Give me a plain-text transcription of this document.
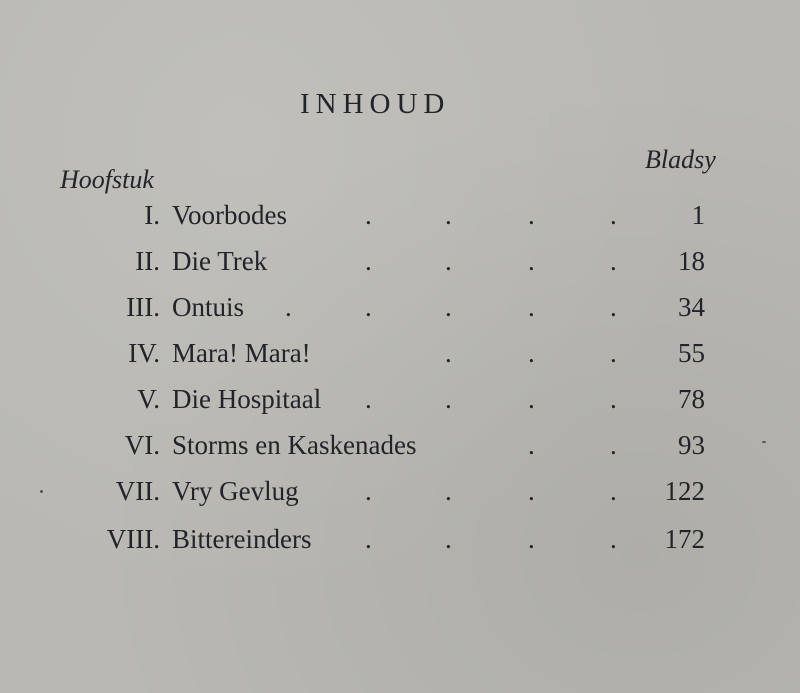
INHOUD
Hoofstuk
Bladsy
I. Voorbodes	.	.	.	.	1
II. Die Trek	.	.	.	. 18
III. Ontuis .	.	.	.	. 34
IV. Mara! Mara!	.	.	. 55
V. Die Hospitaal .	.	.	. 78
VI. Storms en Kaskenades	.	. 93
VII. Vry Gevlug .	.	.	. 122
VIII. Bittereinders .	.	.	. 172
